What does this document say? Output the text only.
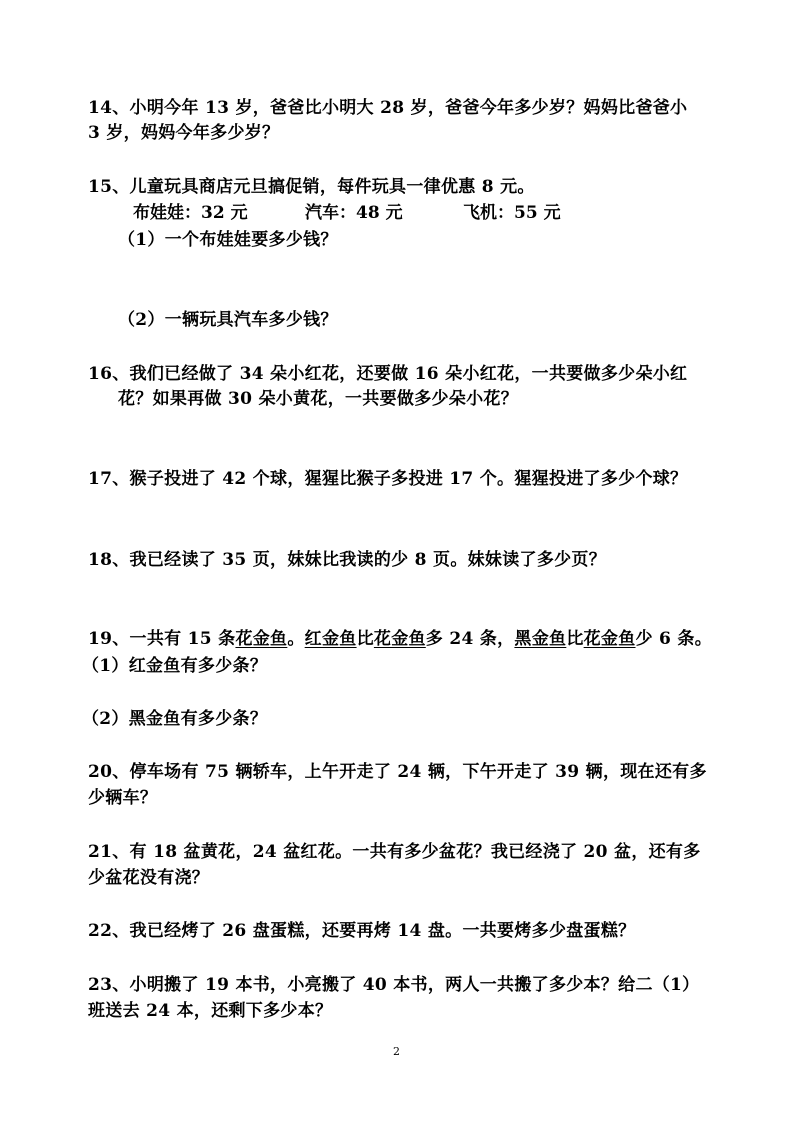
14、小明今年 13 岁，爸爸比小明大 28 岁，爸爸今年多少岁？妈妈比爸爸小
3 岁，妈妈今年多少岁？
15、儿童玩具商店元旦搞促销，每件玩具一律优惠 8 元。
布娃娃：32 元	汽车：48 元	飞机：55 元
（1）一个布娃娃要多少钱？
（2）一辆玩具汽车多少钱？
16、我们已经做了 34 朵小红花，还要做 16 朵小红花，一共要做多少朵小红
花？如果再做 30 朵小黄花，一共要做多少朵小花？
17、猴子投进了 42 个球，猩猩比猴子多投进 17 个。猩猩投进了多少个球？
18、我已经读了 35 页，妹妹比我读的少 8 页。妹妹读了多少页？
19、一共有 15 条花金鱼。红金鱼比花金鱼多 24 条，黑金鱼比花金鱼少 6 条。
（1）红金鱼有多少条？
（2）黑金鱼有多少条？
20、停车场有 75 辆轿车，上午开走了 24 辆，下午开走了 39 辆，现在还有多
少辆车？
21、有 18 盆黄花，24 盆红花。一共有多少盆花？我已经浇了 20 盆，还有多
少盆花没有浇？
22、我已经烤了 26 盘蛋糕，还要再烤 14 盘。一共要烤多少盘蛋糕？
23、小明搬了 19 本书，小亮搬了 40 本书，两人一共搬了多少本？给二（1）
班送去 24 本，还剩下多少本？
2
